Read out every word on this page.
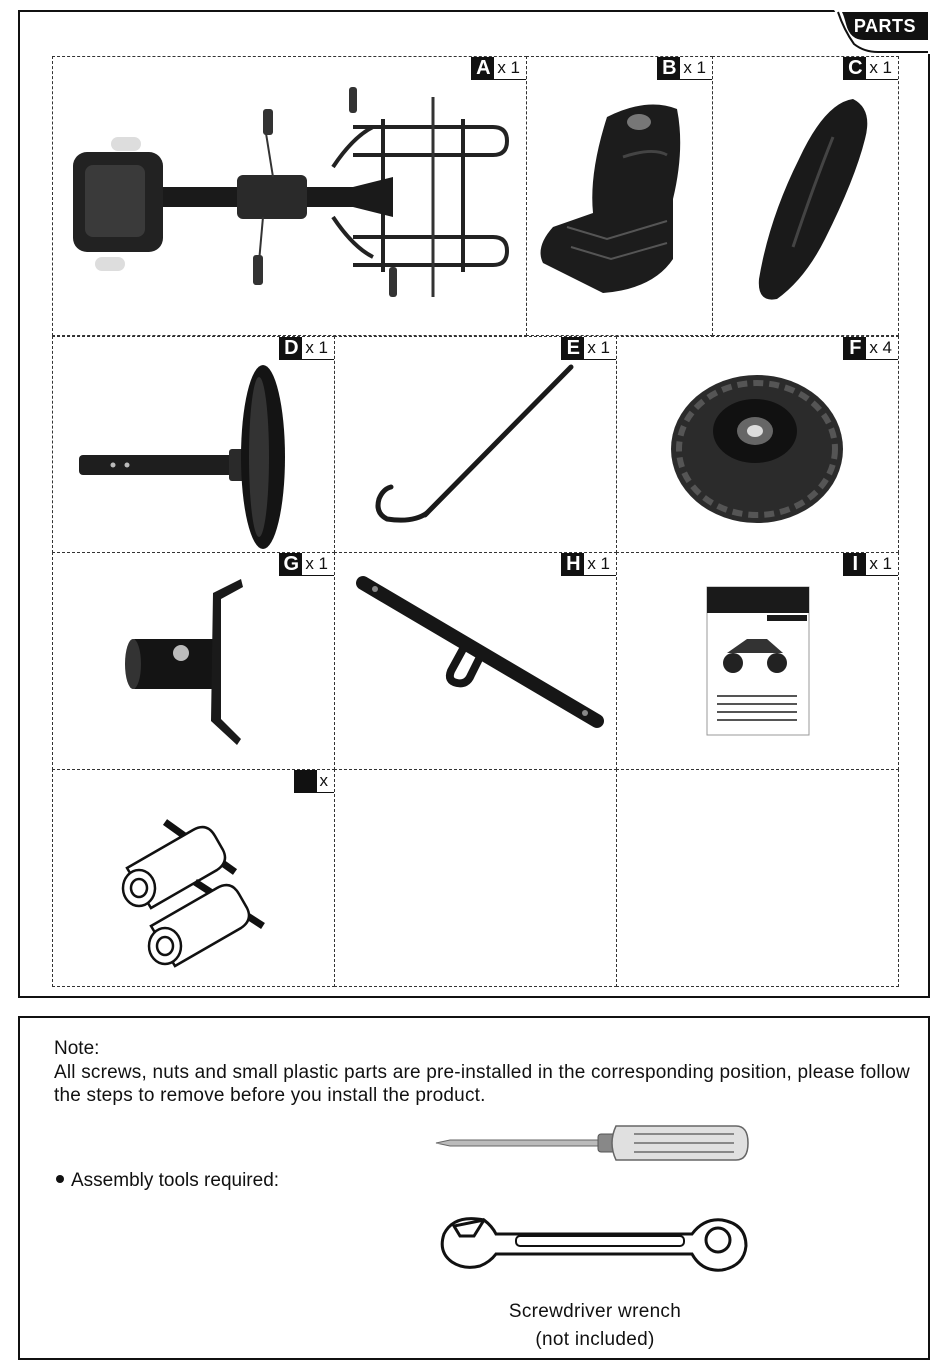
PARTS
A x 1	B x 1	C x 1
D x 1	E x 1	F x 4
G x 1	H x 1	I x 1
x
Note:
All screws, nuts and small plastic parts are pre-installed in the corresponding position, please follow the steps to remove before you install the product.
Assembly tools required:
Screwdriver wrench
(not included)
